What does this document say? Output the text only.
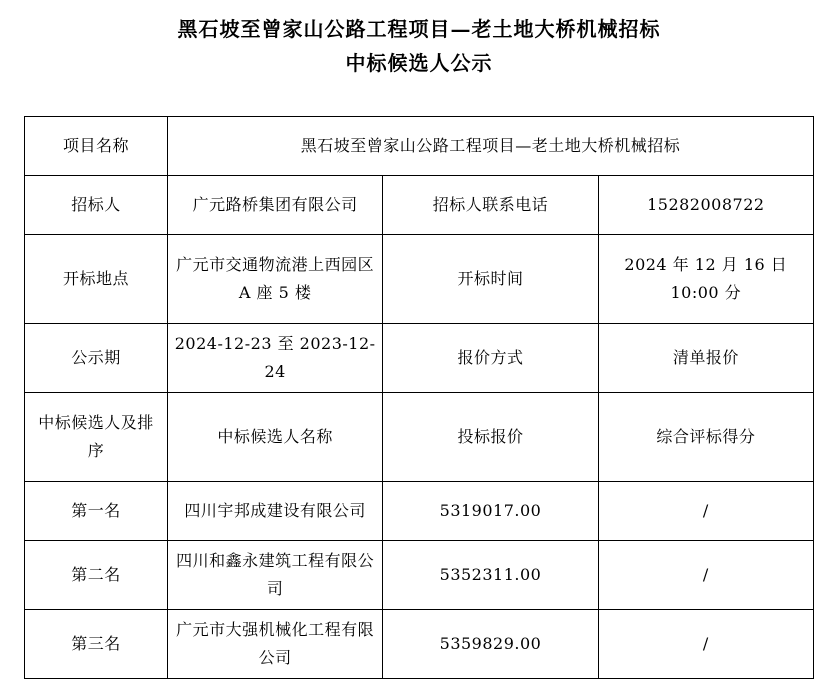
黑石坡至曾家山公路工程项目—老土地大桥机械招标
中标候选人公示
项目名称	黑石坡至曾家山公路工程项目—老土地大桥机械招标		
招标人	广元路桥集团有限公司	招标人联系电话	15282008722
开标地点	广元市交通物流港上西园区 A 座 5 楼	开标时间	2024 年 12 月 16 日 10:00 分
公示期	2024-12-23 至 2023-12-24	报价方式	清单报价
中标候选人及排序	中标候选人名称	投标报价	综合评标得分
第一名	四川宇邦成建设有限公司	5319017.00	/
第二名	四川和鑫永建筑工程有限公司	5352311.00	/
第三名	广元市大强机械化工程有限公司	5359829.00	/
